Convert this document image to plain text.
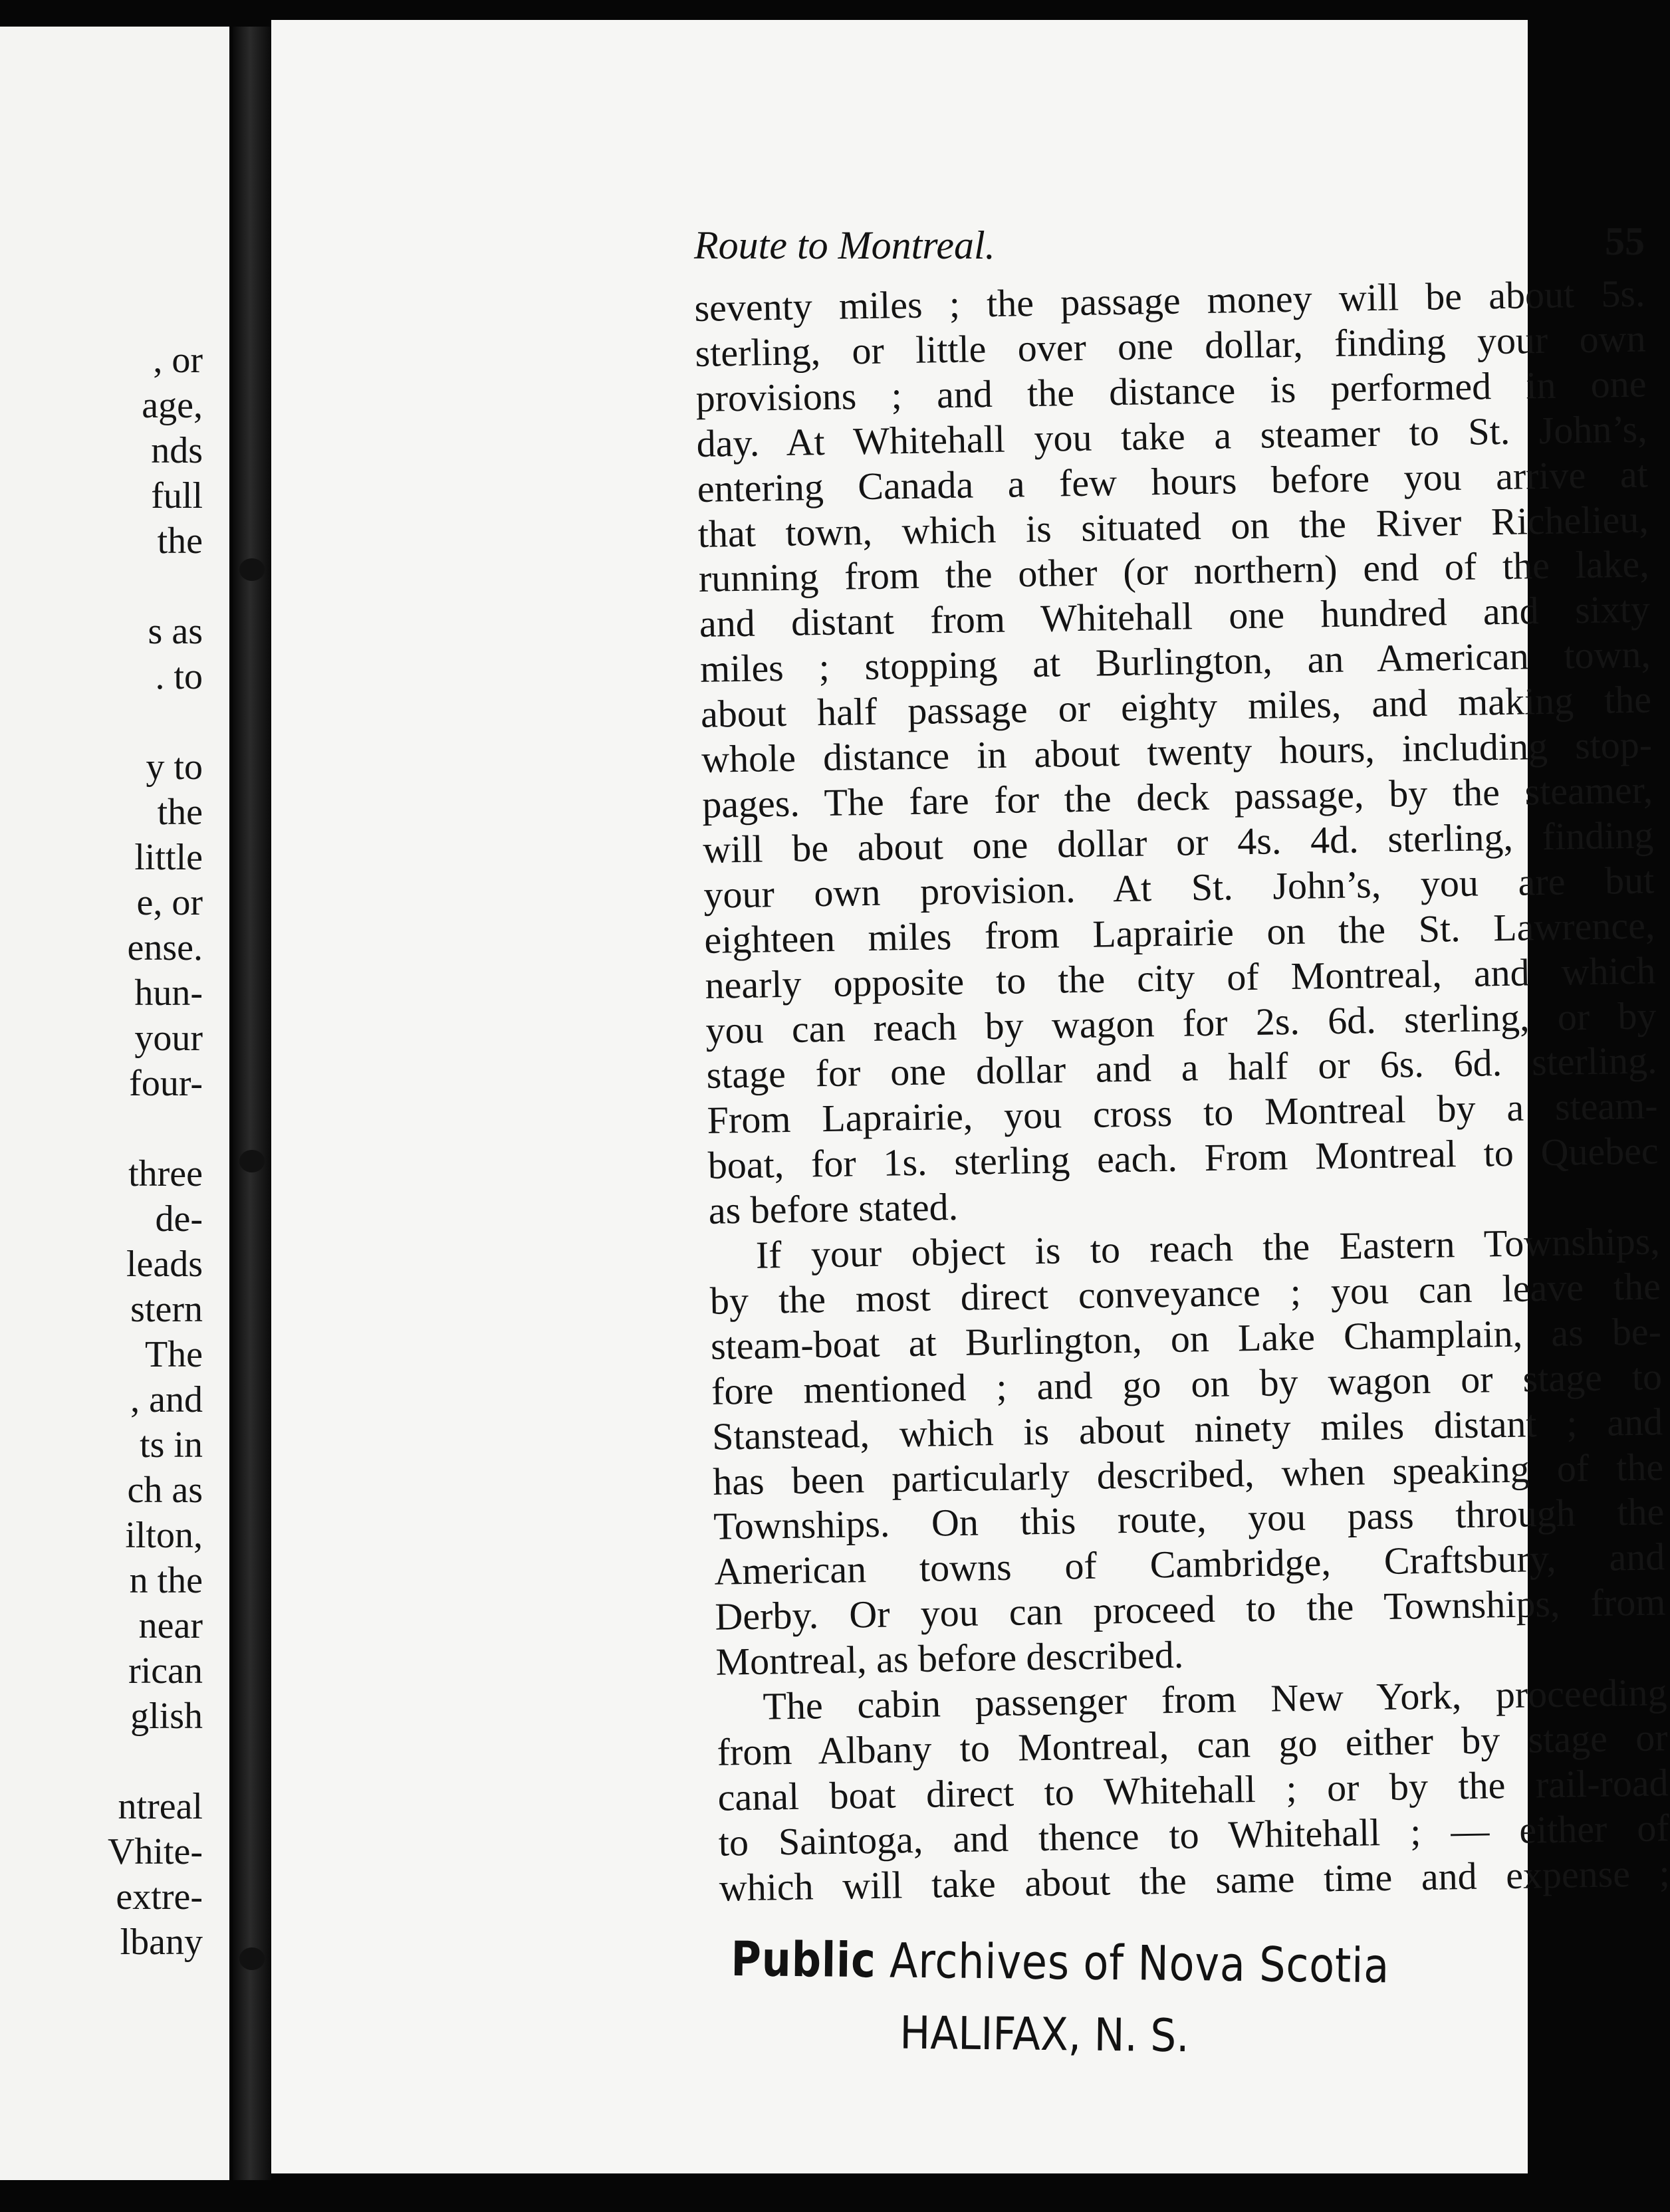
, or
age,
nds
full
the
s as
. to
y to
the
little
e, or
ense.
hun-
your
four-
three
de-
leads
stern
The
, and
ts in
ch as
ilton,
n the
near
rican
glish
ntreal
Vhite-
extre-
lbany
Route to Montreal.	55
seventy miles ; the passage money will be about 5s.
sterling, or little over one dollar, finding your own
provisions ; and the distance is performed in one
day. At Whitehall you take a steamer to St. John’s,
entering Canada a few hours before you arrive at
that town, which is situated on the River Richelieu,
running from the other (or northern) end of the lake,
and distant from Whitehall one hundred and sixty
miles ; stopping at Burlington, an American town,
about half passage or eighty miles, and making the
whole distance in about twenty hours, including stop-
pages. The fare for the deck passage, by the steamer,
will be about one dollar or 4s. 4d. sterling, finding
your own provision. At St. John’s, you are but
eighteen miles from Laprairie on the St. Lawrence,
nearly opposite to the city of Montreal, and which
you can reach by wagon for 2s. 6d. sterling, or by
stage for one dollar and a half or 6s. 6d. sterling.
From Laprairie, you cross to Montreal by a steam-
boat, for 1s. sterling each. From Montreal to Quebec
as before stated.
If your object is to reach the Eastern Townships,
by the most direct conveyance ; you can leave the
steam-boat at Burlington, on Lake Champlain, as be-
fore mentioned ; and go on by wagon or stage to
Stanstead, which is about ninety miles distant ; and
has been particularly described, when speaking of the
Townships. On this route, you pass through the
American towns of Cambridge, Craftsbury, and
Derby. Or you can proceed to the Townships, from
Montreal, as before described.
The cabin passenger from New York, proceeding
from Albany to Montreal, can go either by stage or
canal boat direct to Whitehall ; or by the rail-road
to Saintoga, and thence to Whitehall ; — either of
which will take about the same time and expense ;
Public Archives of Nova Scotia
HALIFAX, N. S.
